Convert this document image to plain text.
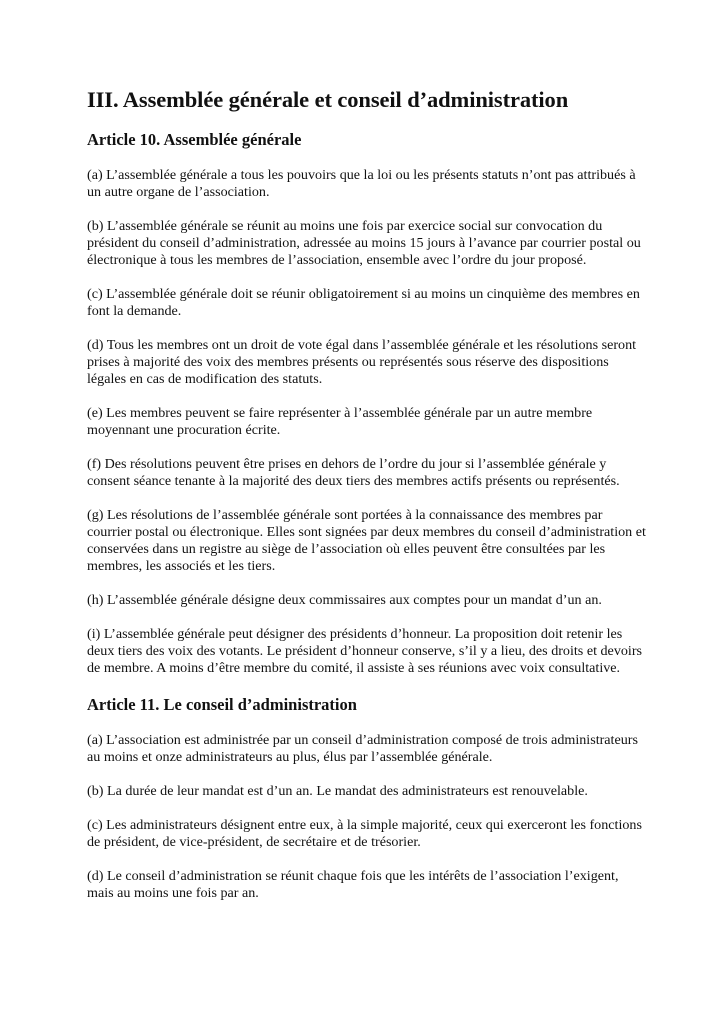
III. Assemblée générale et conseil d’administration
Article 10. Assemblée générale

(a) L’assemblée générale a tous les pouvoirs que la loi ou les présents statuts n’ont pas attribués à un autre organe de l’association.

(b) L’assemblée générale se réunit au moins une fois par exercice social sur convocation du président du conseil d’administration, adressée au moins 15 jours à l’avance par courrier postal ou électronique à tous les membres de l’association, ensemble avec l’ordre du jour proposé.

(c) L’assemblée générale doit se réunir obligatoirement si au moins un cinquième des membres en font la demande.

(d) Tous les membres ont un droit de vote égal dans l’assemblée générale et les résolutions seront prises à majorité des voix des membres présents ou représentés sous réserve des dispositions légales en cas de modification des statuts.

(e) Les membres peuvent se faire représenter à l’assemblée générale par un autre membre moyennant une procuration écrite.

(f) Des résolutions peuvent être prises en dehors de l’ordre du jour si l’assemblée générale y consent séance tenante à la majorité des deux tiers des membres actifs présents ou représentés.

(g) Les résolutions de l’assemblée générale sont portées à la connaissance des membres par courrier postal ou électronique. Elles sont signées par deux membres du conseil d’administration et conservées dans un registre au siège de l’association où elles peuvent être consultées par les membres, les associés et les tiers.

(h) L’assemblée générale désigne deux commissaires aux comptes pour un mandat d’un an.

(i) L’assemblée générale peut désigner des présidents d’honneur. La proposition doit retenir les deux tiers des voix des votants. Le président d’honneur conserve, s’il y a lieu, des droits et devoirs de membre. A moins d’être membre du comité, il assiste à ses réunions avec voix consultative.

Article 11. Le conseil d’administration

(a) L’association est administrée par un conseil d’administration composé de trois administrateurs au moins et onze administrateurs au plus, élus par l’assemblée générale.

(b) La durée de leur mandat est d’un an. Le mandat des administrateurs est renouvelable.

(c) Les administrateurs désignent entre eux, à la simple majorité, ceux qui exerceront les fonctions de président, de vice-président, de secrétaire et de trésorier.

(d) Le conseil d’administration se réunit chaque fois que les intérêts de l’association l’exigent, mais au moins une fois par an.
